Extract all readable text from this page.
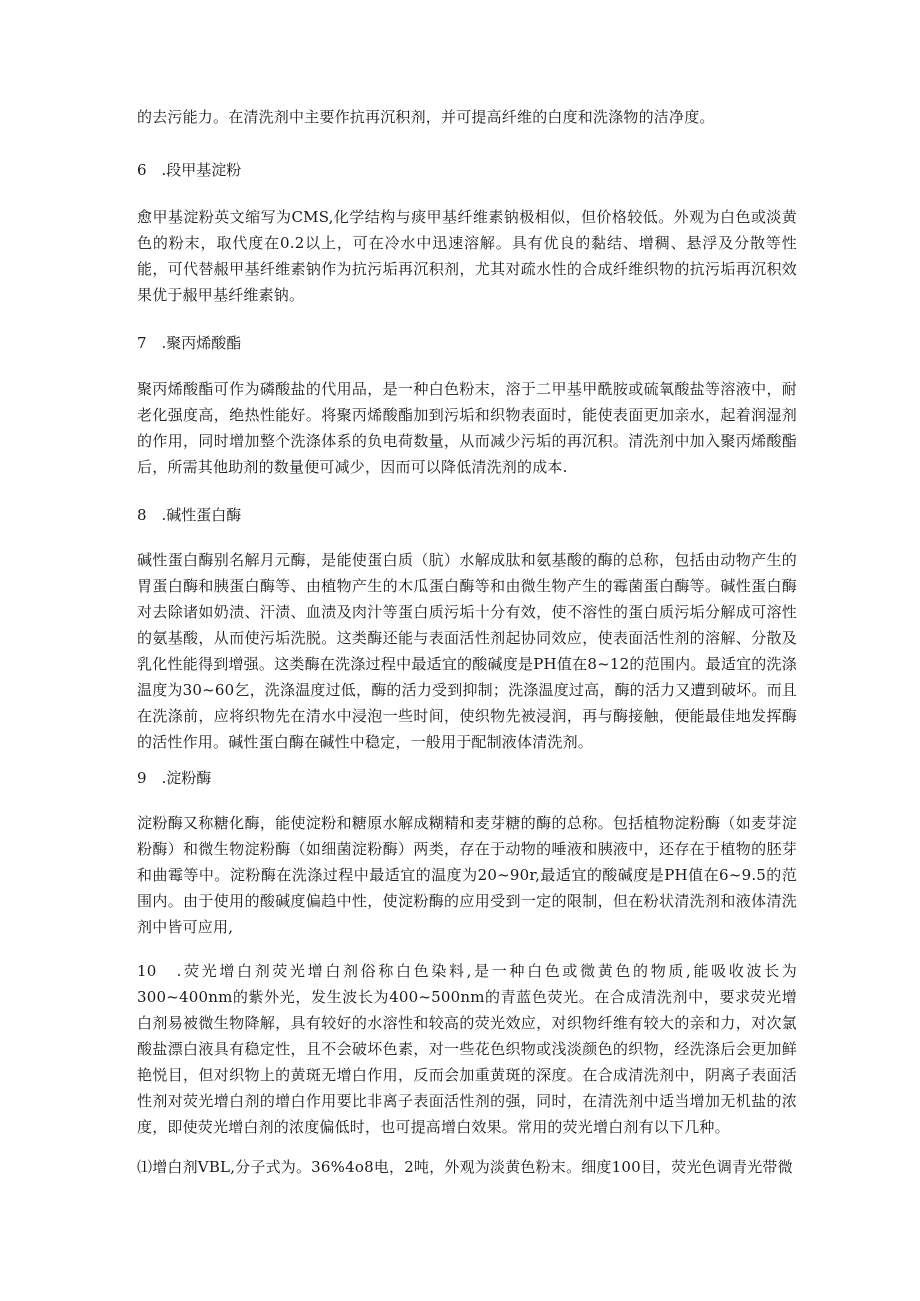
的去污能力。在清洗剂中主要作抗再沉积剂，并可提高纤维的白度和洗涤物的洁净度。

6　.段甲基淀粉

愈甲基淀粉英文缩写为CMS,化学结构与痰甲基纤维素钠极相似，但价格较低。外观为白色或淡黄色的粉末，取代度在0.2以上，可在冷水中迅速溶解。具有优良的黏结、增稠、悬浮及分散等性能，可代替赧甲基纤维素钠作为抗污垢再沉积剂，尤其对疏水性的合成纤维织物的抗污垢再沉积效果优于赧甲基纤维素钠。

7　.聚丙烯酸酯

聚丙烯酸酯可作为磷酸盐的代用品，是一种白色粉末，溶于二甲基甲酰胺或硫氧酸盐等溶液中，耐老化强度高，绝热性能好。将聚丙烯酸酯加到污垢和织物表面时，能使表面更加亲水，起着润湿剂的作用，同时增加整个洗涤体系的负电荷数量，从而减少污垢的再沉积。清洗剂中加入聚丙烯酸酯后，所需其他助剂的数量便可减少，因而可以降低清洗剂的成本.

8　.碱性蛋白酶

碱性蛋白酶别名解月元酶，是能使蛋白质（肮）水解成肽和氨基酸的酶的总称，包括由动物产生的胃蛋白酶和胰蛋白酶等、由植物产生的木瓜蛋白酶等和由微生物产生的霉菌蛋白酶等。碱性蛋白酶对去除诸如奶渍、汗渍、血渍及肉汁等蛋白质污垢十分有效，使不溶性的蛋白质污垢分解成可溶性的氨基酸，从而使污垢洗脱。这类酶还能与表面活性剂起协同效应，使表面活性剂的溶解、分散及乳化性能得到增强。这类酶在洗涤过程中最适宜的酸碱度是PH值在8~12的范围内。最适宜的洗涤温度为30~60乞，洗涤温度过低，酶的活力受到抑制；洗涤温度过高，酶的活力又遭到破坏。而且在洗涤前，应将织物先在清水中浸泡一些时间，使织物先被浸润，再与酶接触，便能最佳地发挥酶的活性作用。碱性蛋白酶在碱性中稳定，一般用于配制液体清洗剂。

9　.淀粉酶

淀粉酶又称糖化酶，能使淀粉和糖原水解成糊精和麦芽糖的酶的总称。包括植物淀粉酶（如麦芽淀粉酶）和微生物淀粉酶（如细菌淀粉酶）两类，存在于动物的唾液和胰液中，还存在于植物的胚芽和曲霉等中。淀粉酶在洗涤过程中最适宜的温度为20~90r,最适宜的酸碱度是PH值在6~9.5的范围内。由于使用的酸碱度偏趋中性，使淀粉酶的应用受到一定的限制，但在粉状清洗剂和液体清洗剂中皆可应用,

10　.荧光增白剂荧光增白剂俗称白色染料,是一种白色或微黄色的物质,能吸收波长为300~400nm的紫外光，发生波长为400~500nm的青蓝色荧光。在合成清洗剂中，要求荧光增白剂易被微生物降解，具有较好的水溶性和较高的荧光效应，对织物纤维有较大的亲和力，对次氯酸盐漂白液具有稳定性，且不会破坏色素，对一些花色织物或浅淡颜色的织物，经洗涤后会更加鲜艳悦目，但对织物上的黄斑无增白作用，反而会加重黄斑的深度。在合成清洗剂中，阴离子表面活性剂对荧光增白剂的增白作用要比非离子表面活性剂的强，同时，在清洗剂中适当增加无机盐的浓度，即使荧光增白剂的浓度偏低时，也可提高增白效果。常用的荧光增白剂有以下几种。

⑴增白剂VBL,分子式为。36%4o8电，2吨，外观为淡黄色粉末。细度100目，荧光色调青光带微
